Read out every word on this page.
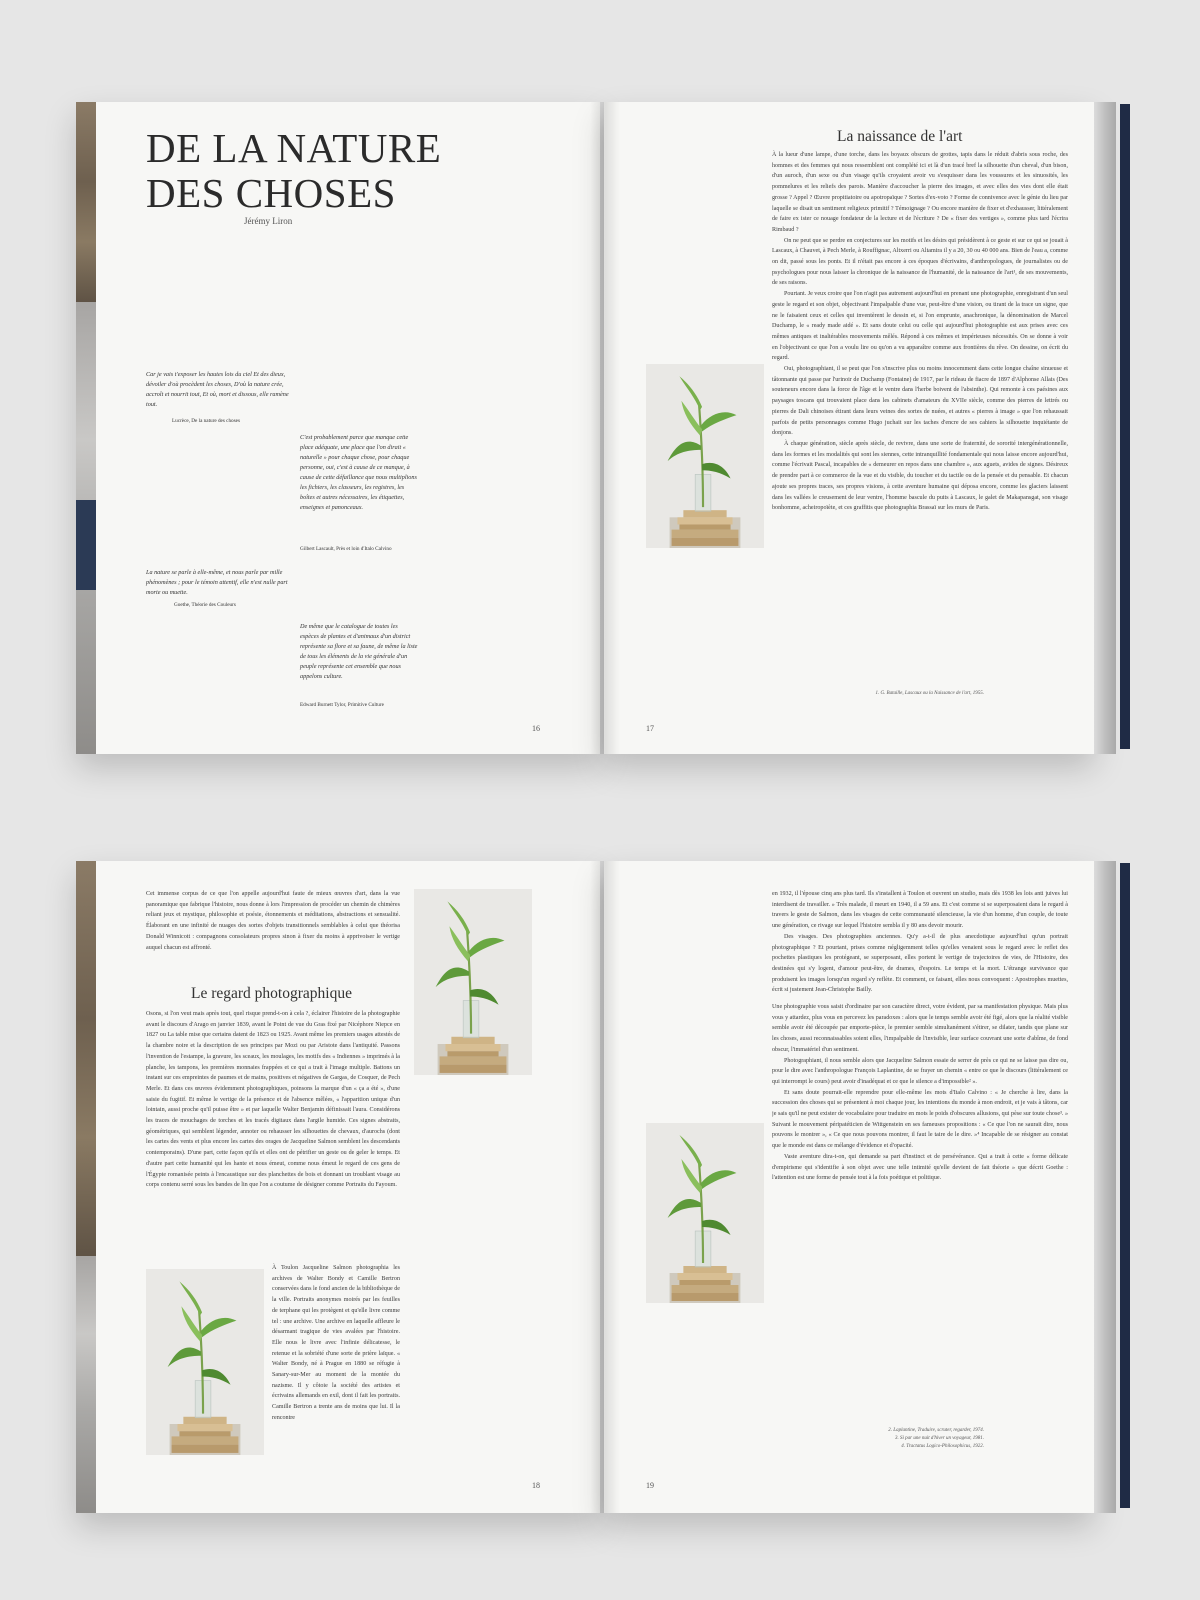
DE LA NATURE
DES CHOSES
Jérémy Liron

Car je vais t'exposer les hautes lois du ciel Et des dieux, dévoiler d'où procèdent les choses, D'où la nature crée, accroît et nourrit tout, Et où, mort et dissous, elle ramène tout.

Lucrèce, De la nature des choses

C'est probablement parce que manque cette place adéquate, une place que l'on dirait « naturelle » pour chaque chose, pour chaque personne, oui, c'est à cause de ce manque, à cause de cette défaillance que nous multiplions les fichiers, les classeurs, les registres, les boîtes et autres nécessaires, les étiquettes, enseignes et panonceaux.

Gilbert Lascault, Près et loin d'Italo Calvino

La nature se parle à elle-même, et nous parle par mille phénomènes ; pour le témoin attentif, elle n'est nulle part morte ou muette.

Goethe, Théorie des Couleurs

De même que le catalogue de toutes les espèces de plantes et d'animaux d'un district représente sa flore et sa faune, de même la liste de tous les éléments de la vie générale d'un peuple représente cet ensemble que nous appelons culture.

Edward Burnett Tylor, Primitive Culture
16
La naissance de l'art

À la lueur d'une lampe, d'une torche, dans les boyaux obscurs de grottes, tapis dans le réduit d'abris sous roche, des hommes et des femmes qui nous ressemblent ont complété ici et là d'un tracé bref la silhouette d'un cheval, d'un bison, d'un auroch, d'un sexe ou d'un visage qu'ils croyaient avoir vu s'esquisser dans les voussures et les sinuosités, les pommelures et les reliefs des parois. Manière d'accoucher la pierre des images, et avec elles des vies dont elle était grosse ? Appel ? Œuvre propitiatoire ou apotropaïque ? Sortes d'ex-voto ? Forme de connivence avec le génie du lieu par laquelle se disait un sentiment religieux primitif ? Témoignage ? Ou encore manière de fixer et d'exhausser, littéralement de faire ex ister ce nouage fondateur de la lecture et de l'écriture ? De « fixer des vertiges », comme plus tard l'écrira Rimbaud ?

On ne peut que se perdre en conjectures sur les motifs et les désirs qui présidèrent à ce geste et sur ce qui se jouait à Lascaux, à Chauvet, à Pech Merle, à Rouffignac, Altxerri ou Altamira il y a 20, 30 ou 40 000 ans. Bien de l'eau a, comme on dit, passé sous les ponts. Et il n'était pas encore à ces époques d'écrivains, d'anthropologues, de journalistes ou de psychologues pour nous laisser la chronique de la naissance de l'humanité, de la naissance de l'art¹, de ses mouvements, de ses raisons.

Pourtant. Je veux croire que l'on n'agit pas autrement aujourd'hui en prenant une photographie, enregistrant d'un seul geste le regard et son objet, objectivant l'impalpable d'une vue, peut-être d'une vision, ou tirant de la trace un signe, que ne le faisaient ceux et celles qui inventèrent le dessin et, si l'on emprunte, anachronique, la dénomination de Marcel Duchamp, le « ready made aidé ». Et sans doute celui ou celle qui aujourd'hui photographie est aux prises avec ces mêmes antiques et inaltérables mouvements mêlés. Répond à ces mêmes et impérieuses nécessités. On se donne à voir en l'objectivant ce que l'on a voulu lire ou qu'on a vu apparaître comme aux frontières du rêve. On dessine, on écrit du regard.

Oui, photographiant, il se peut que l'on s'inscrive plus ou moins innocemment dans cette longue chaîne sinueuse et tâtonnante qui passe par l'urinoir de Duchamp (Fontaine) de 1917, par le rideau de fiacre de 1897 d'Alphonse Allais (Des souteneurs encore dans la force de l'âge et le ventre dans l'herbe boivent de l'absinthe). Qui remonte à ces paésines aux paysages toscans qui trouvaient place dans les cabinets d'amateurs du XVIIe siècle, comme des pierres de lettrés ou pierres de Dali chinoises étirant dans leurs veines des sortes de nuées, et autres « pierres à image » que l'on rehaussait parfois de petits personnages comme Hugo juchait sur les taches d'encre de ses cahiers la silhouette inquiétante de donjons.

À chaque génération, siècle après siècle, de revivre, dans une sorte de fraternité, de sororité intergénérationnelle, dans les formes et les modalités qui sont les siennes, cette intranquillité fondamentale qui nous laisse encore aujourd'hui, comme l'écrivait Pascal, incapables de « demeurer en repos dans une chambre », aux aguets, avides de signes. Désireux de prendre part à ce commerce de la vue et du visible, du toucher et du tactile ou de la pensée et du pensable. Et chacun ajoute ses propres traces, ses propres visions, à cette aventure humaine qui déposa encore, comme les glaciers laissent dans les vallées le creusement de leur ventre, l'homme bascule du puits à Lascaux, le galet de Makapansgat, son visage bonhomme, acheiropoïète, et ces graffitis que photographia Brassaï sur les murs de Paris.

1. G. Bataille, Lascaux ou la Naissance de l'art, 1955.
17

Cet immense corpus de ce que l'on appelle aujourd'hui faute de mieux œuvres d'art, dans la vue panoramique que fabrique l'histoire, nous donne à lors l'impression de procéder un chemin de chimères reliant jeux et mystique, philosophie et poésie, étonnements et méditations, abstractions et sensualité. Élaborant en une infinité de nuages des sortes d'objets transitionnels semblables à celui que théorisa Donald Winnicott : compagnons consolateurs propres sinon à fixer du moins à apprivoiser le vertige auquel chacun est affronté.

Le regard photographique

Osons, si l'on veut mais après tout, quel risque prend-t-on à cela ?, éclairer l'histoire de la photographie avant le discours d'Arago en janvier 1839, avant le Point de vue du Gras fixé par Nicéphore Niepce en 1827 ou La table mise que certains datent de 1823 ou 1925. Avant même les premiers usages attestés de la chambre noire et la description de ses principes par Mozi ou par Aristote dans l'antiquité. Passons l'invention de l'estampe, la gravure, les sceaux, les moulages, les motifs des « Indiennes » imprimés à la planche, les tampons, les premières monnaies frappées et ce qui a trait à l'image multiple. Battons un instant sur ces empreintes de paumes et de mains, positives et négatives de Gargas, de Cosquer, de Pech Merle. Et dans ces œuvres évidemment photographiques, poinsons la marque d'un « ça a été », d'une saisie du fugitif. Et même le vertige de la présence et de l'absence mêlées, « l'apparition unique d'un lointain, aussi proche qu'il puisse être » et par laquelle Walter Benjamin définissait l'aura. Considérons les traces de mouchages de torches et les tracés digitaux dans l'argile humide. Ces signes abstraits, géométriques, qui semblent légender, annoter ou rehausser les silhouettes de chevaux, d'aurochs (dont les cartes des vents et plus encore les cartes des orages de Jacqueline Salmon semblent les descendants contemporains). D'une part, cette façon qu'ils et elles ont de pétrifier un geste ou de geler le temps. Et d'autre part cette humanité qui les hante et nous émeut, comme nous émeut le regard de ces gens de l'Égypte romanisée peints à l'encaustique sur des planchettes de bois et donnant un troublant visage au corps contenu serré sous les bandes de lin que l'on a coutume de désigner comme Portraits du Fayoum.

À Toulon Jacqueline Salmon photographia les archives de Walter Bondy et Camille Bertron conservées dans le fond ancien de la bibliothèque de la ville. Portraits anonymes moirés par les feuilles de terphane qui les protègent et qu'elle livre comme tel : une archive. Une archive en laquelle affleure le désarmant tragique de vies avalées par l'histoire. Elle nous le livre avec l'infinie délicatesse, le retenue et la sobriété d'une sorte de prière laïque. « Walter Bondy, né à Prague en 1880 se réfugie à Sanary-sur-Mer au moment de la montée du nazisme. Il y côtoie la société des artistes et écrivains allemands en exil, dont il fait les portraits. Camille Bertron a trente ans de moins que lui. Il la rencontre

18

en 1932, il l'épouse cinq ans plus tard. Ils s'installent à Toulon et ouvrent un studio, mais dès 1938 les lois anti juives lui interdisent de travailler. » Très malade, il meurt en 1940, il a 59 ans. Et c'est comme si se superposaient dans le regard à travers le geste de Salmon, dans les visages de cette communauté silencieuse, la vie d'un homme, d'un couple, de toute une génération, ce rivage sur lequel l'histoire sembla il y 80 ans devoir mourir.

Des visages. Des photographies anciennes. Qu'y a-t-il de plus anecdotique aujourd'hui qu'un portrait photographique ? Et pourtant, prises comme négligemment telles qu'elles venaient sous le regard avec le reflet des pochettes plastiques les protégeant, se superposant, elles portent le vertige de trajectoires de vies, de l'Histoire, des destinées qui s'y logent, d'amour peut-être, de drames, d'espoirs. Le temps et la mort. L'étrange survivance que produisent les images lorsqu'un regard s'y reflète. Et comment, ce faisant, elles nous convoquent : Apostrophes muettes, écrit si justement Jean-Christophe Bailly.

Une photographie vous saisit d'ordinaire par son caractère direct, votre évident, par sa manifestation physique. Mais plus vous y attardez, plus vous en percevez les paradoxes : alors que le temps semble avoir été figé, alors que la réalité visible semble avoir été découpée par emporte-pièce, le premier semble simultanément s'étirer, se dilater, tandis que plane sur les choses, aussi reconnaissables soient elles, l'impalpable de l'invisible, leur surface couvrant une sorte d'abîme, de fond obscur, l'immatériel d'un sentiment.

Photographiant, il nous semble alors que Jacqueline Salmon essaie de serrer de près ce qui ne se laisse pas dire ou, pour le dire avec l'anthropologue François Laplantine, de se frayer un chemin « entre ce que le discours (littéralement ce qui interrompt le cours) peut avoir d'inadéquat et ce que le silence a d'impossible² ».

Et sans doute pourrait-elle reprendre pour elle-même les mots d'Italo Calvino : « Je cherche à lire, dans la succession des choses qui se présentent à moi chaque jour, les intentions du monde à mon endroit, et je vais à tâtons, car je sais qu'il ne peut exister de vocabulaire pour traduire en mots le poids d'obscures allusions, qui pèse sur toute chose³. » Suivant le mouvement péripatéticien de Wittgenstein en ses fameuses propositions : « Ce que l'on ne saurait dire, nous pouvons le montrer », « Ce que nous pouvons montrer, il faut le taire de le dire. »⁴ Incapable de se résigner au constat que le monde est dans ce mélange d'évidence et d'opacité.

Vaste aventure dira-t-on, qui demande sa part d'instinct et de persévérance. Qui a trait à cette « forme délicate d'empirisme qui s'identifie à son objet avec une telle intimité qu'elle devient de fait théorie » que décrit Goethe : l'attention est une forme de pensée tout à la fois poétique et politique.

2. Laplantine, Traduire, scruter, regarder, 1974.
3. Si par une nuit d'hiver un voyageur, 1981.
4. Tractatus Logico-Philosophicus, 1922.
19
